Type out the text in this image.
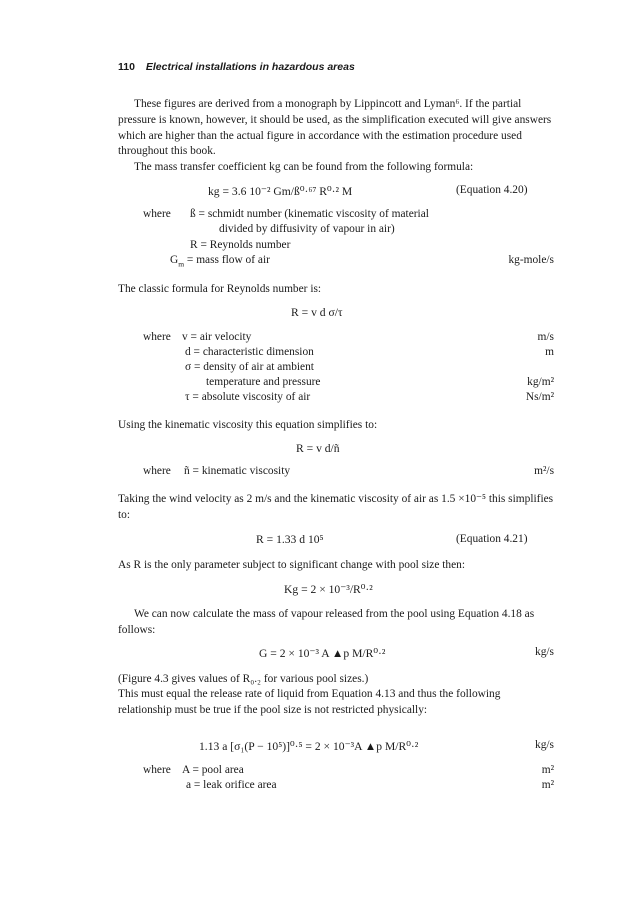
110 Electrical installations in hazardous areas
These figures are derived from a monograph by Lippincott and Lyman⁶. If the partial pressure is known, however, it should be used, as the simplification executed will give answers which are higher than the actual figure in accordance with the estimation procedure used throughout this book.
The mass transfer coefficient kg can be found from the following formula:
kg = 3.6 10⁻² Gm/ß⁰·⁶⁷ R⁰·² M	(Equation 4.20)
where ß = schmidt number (kinematic viscosity of material
divided by diffusivity of vapour in air)
R = Reynolds number
$G_m$ = mass flow of air	kg-mole/s
The classic formula for Reynolds number is:
R = v d σ/τ
where v = air velocity	m/s
d = characteristic dimension	m
σ = density of air at ambient
temperature and pressure	kg/m²
τ = absolute viscosity of air	Ns/m²
Using the kinematic viscosity this equation simplifies to:
R = v d/ñ
where ñ = kinematic viscosity	m²/s
Taking the wind velocity as 2 m/s and the kinematic viscosity of air as 1.5 ×10⁻⁵ this simplifies to:
R = 1.33 d 10⁵	(Equation 4.21)
As R is the only parameter subject to significant change with pool size then:
Kg = 2 × 10⁻³/R⁰·²
We can now calculate the mass of vapour released from the pool using Equation 4.18 as follows:
G = 2 × 10⁻³ A ▲p M/R⁰·²	kg/s
(Figure 4.3 gives values of R₀.₂ for various pool sizes.)
This must equal the release rate of liquid from Equation 4.13 and thus the following relationship must be true if the pool size is not restricted physically:
1.13 a [σ₁(P − 10⁵)]⁰·⁵ = 2 × 10⁻³A ▲p M/R⁰·²	kg/s
where A = pool area	m²
a = leak orifice area	m²
